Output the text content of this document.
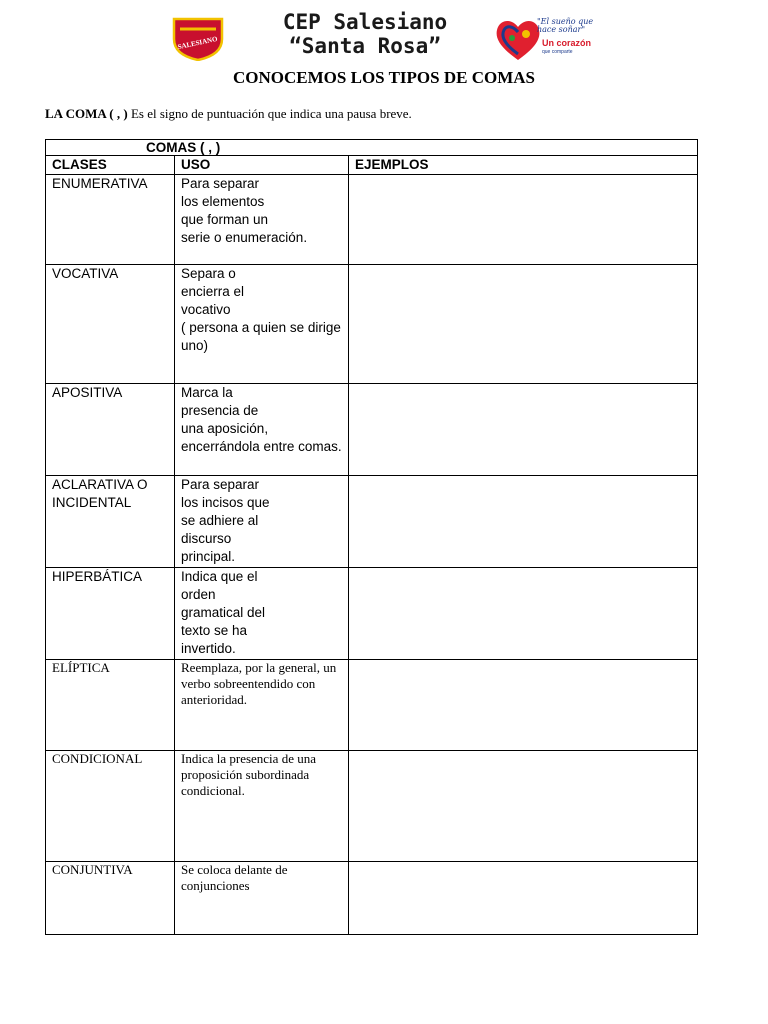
SALESIANO
CEP Salesiano
“Santa Rosa”
"El sueño que hace soñar"
Un corazón
que comparte
CONOCEMOS LOS TIPOS DE COMAS
LA COMA ( , ) Es el signo de puntuación que indica una pausa breve.
COMAS ( , )		
CLASES	USO	EJEMPLOS
ENUMERATIVA	Para separar
los elementos
que forman un
serie o enumeración.	
VOCATIVA	Separa o
encierra el
vocativo
( persona a quien se dirige
uno)	
APOSITIVA	Marca la
presencia de
una aposición,
encerrándola entre comas.	
ACLARATIVA O
INCIDENTAL	Para separar
los incisos que
se adhiere al
discurso
principal.	
HIPERBÁTICA	Indica que el
orden
gramatical del
texto se ha
invertido.	
ELÍPTICA	Reemplaza, por la general, un
verbo sobreentendido con
anterioridad.	
CONDICIONAL	Indica la presencia de una
proposición subordinada
condicional.	
CONJUNTIVA	Se coloca delante de
conjunciones	
